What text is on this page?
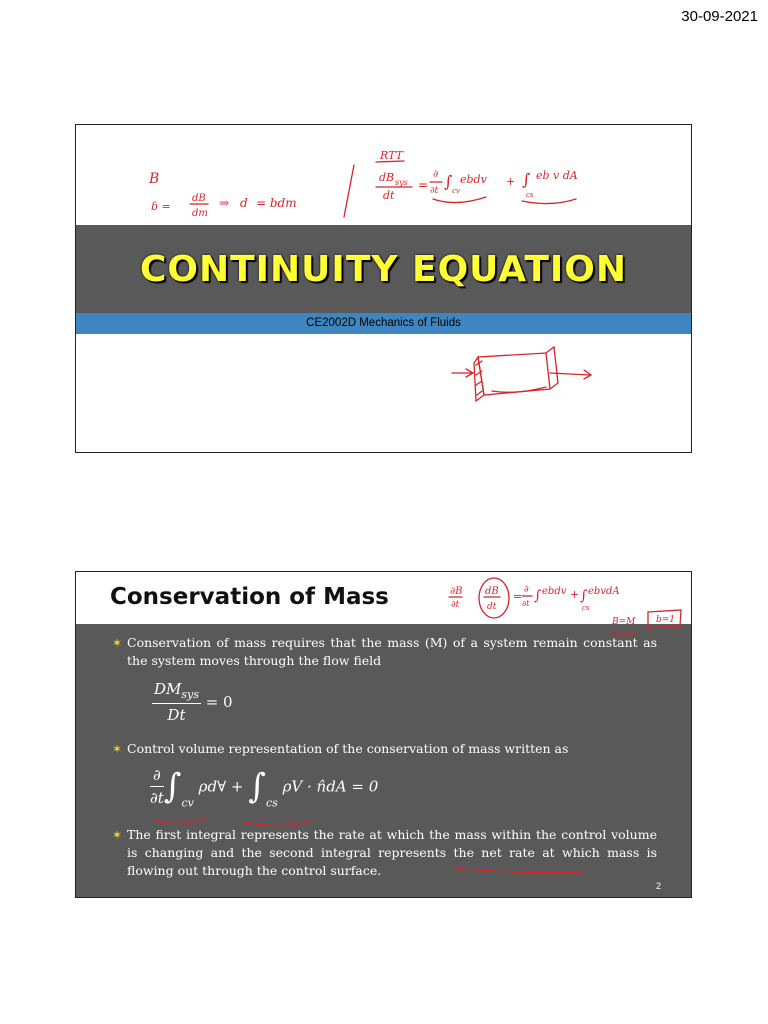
30-09-2021
CONTINUITY EQUATION
CE2002D Mechanics of Fluids
B
ɓ =
dB
dm
⇒ d = bdm
RTT
dB sys
dt
=
∂
∂t ∫ cv
ebdv + ∫
cs
eb v dA
Conservation of Mass
✶ Conservation of mass requires that the mass (M) of a system remain constant as the system moves through the flow field
$\frac{DM_{sys}}{Dt} = 0$
✶ Control volume representation of the conservation of mass written as
$\frac{\partial}{\partial t} \int_{cv}$ ρd∀ + $\int_{cs}$ ρV · n̂dA = 0
✶ The first integral represents the rate at which the mass within the control volume is changing and the second integral represents the net rate at which mass is flowing out through the control surface.
2
∂B
∂t
dB
dt
= ∂
∂t ∫ ebdv + ∫ ebvdA
cs
B=M b=1
